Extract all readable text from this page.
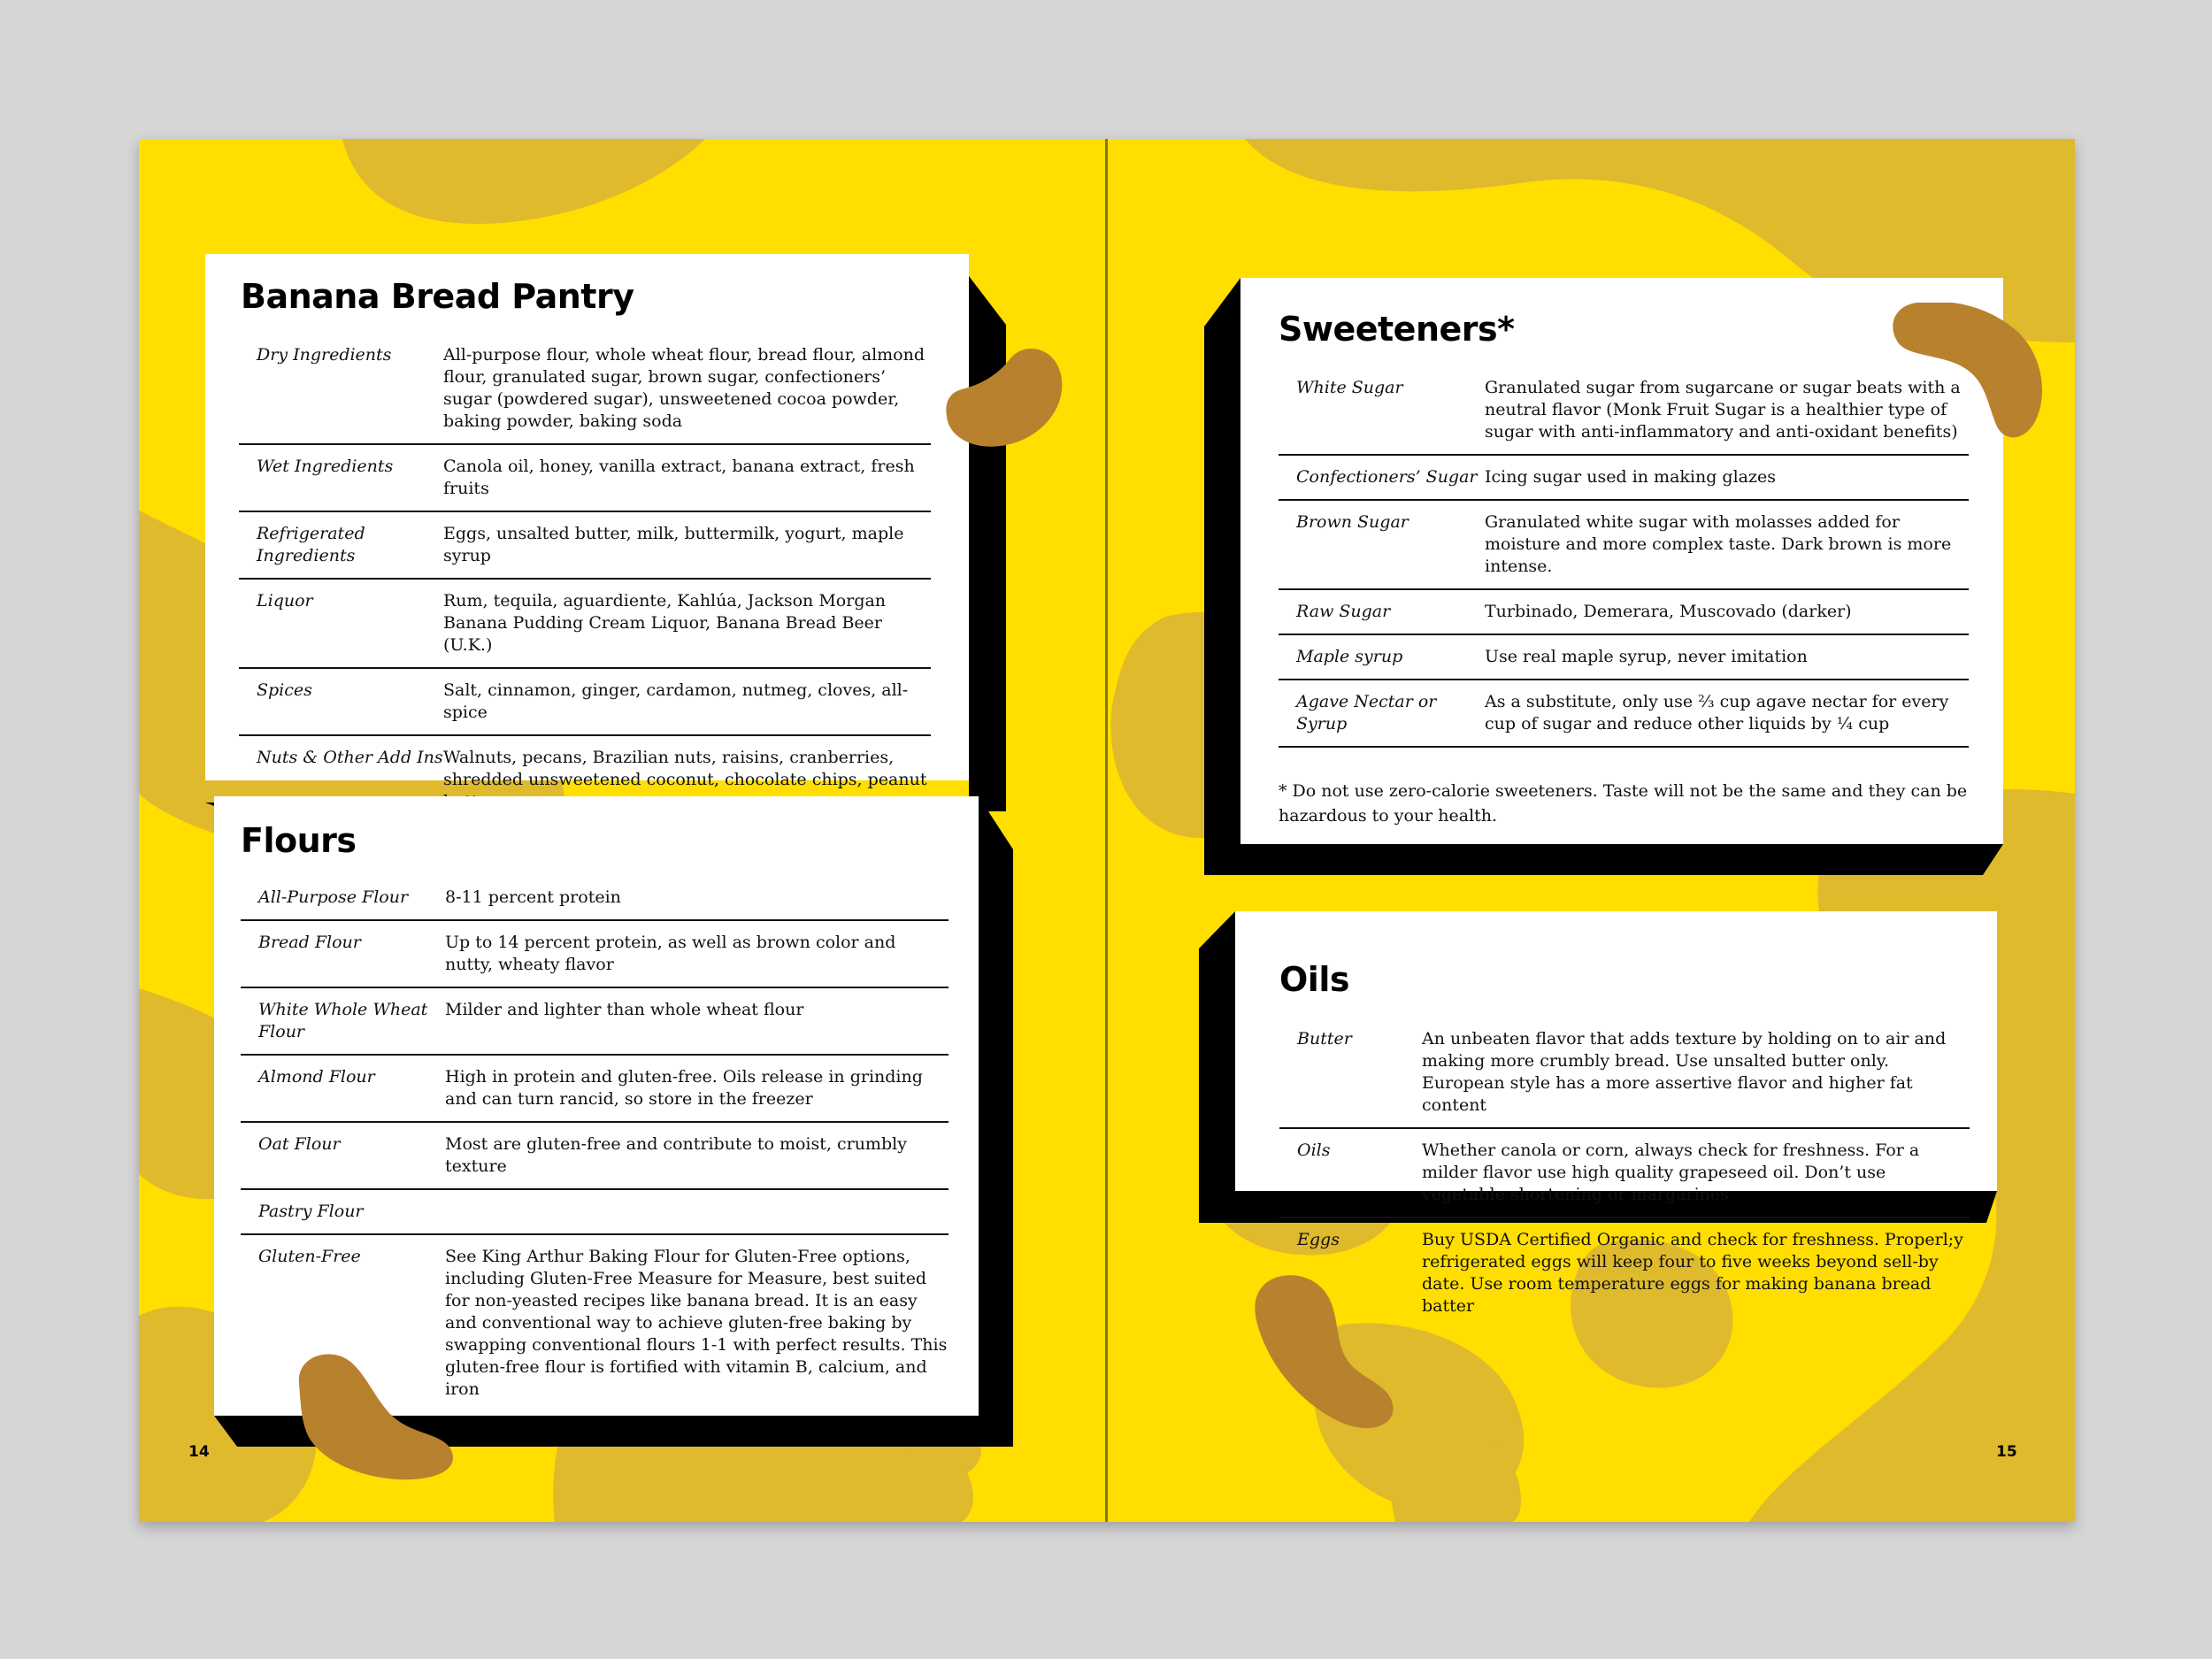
Banana Bread Pantry
Dry Ingredients	All-purpose flour, whole wheat flour, bread flour, almond flour, granulated sugar, brown sugar, confectioners’ sugar (powdered sugar), unsweetened cocoa powder, baking powder, baking soda
Wet Ingredients	Canola oil, honey, vanilla extract, banana extract, fresh fruits
Refrigerated Ingredients	Eggs, unsalted butter, milk, buttermilk, yogurt, maple syrup
Liquor	Rum, tequila, aguardiente, Kahlúa, Jackson Morgan Banana Pudding Cream Liquor, Banana Bread Beer (U.K.)
Spices	Salt, cinnamon, ginger, cardamon, nutmeg, cloves, all-spice
Nuts & Other Add Ins	Walnuts, pecans, Brazilian nuts, raisins, cranberries, shredded unsweetened coconut, chocolate chips, peanut
Flours
All-Purpose Flour	8-11 percent protein
Bread Flour	Up to 14 percent protein, as well as brown color and nutty, wheaty flavor
White Whole Wheat Flour	Milder and lighter than whole wheat flour
Almond Flour	High in protein and gluten-free. Oils release in grinding and can turn rancid, so store in the freezer
Oat Flour	Most are gluten-free and contribute to moist, crumbly texture
Pastry Flour	
Gluten-Free	See King Arthur Baking Flour for Gluten-Free options, including Gluten-Free Measure for Measure, best suited for non-yeasted recipes like banana bread. It is an easy and conventional way to achieve gluten-free baking by swapping conventional flours 1-1 with perfect results. This gluten-free flour is fortified with vitamin B, calcium, and iron
Sweeteners*
White Sugar	Granulated sugar from sugarcane or sugar beats with a neutral flavor (Monk Fruit Sugar is a healthier type of sugar with anti-inflammatory and anti-oxidant benefits)
Confectioners’ Sugar	Icing sugar used in making glazes
Brown Sugar	Granulated white sugar with molasses added for moisture and more complex taste. Dark brown is more intense.
Raw Sugar	Turbinado, Demerara, Muscovado (darker)
Maple syrup	Use real maple syrup, never imitation
Agave Nectar or Syrup	As a substitute, only use ⅔ cup agave nectar for every cup of sugar and reduce other liquids by ¼ cup
* Do not use zero-calorie sweeteners. Taste will not be the same and they can be hazardous to your health.
Oils
Butter	An unbeaten flavor that adds texture by holding on to air and making more crumbly bread. Use unsalted butter only. European style has a more assertive flavor and higher fat content
Oils	Whether canola or corn, always check for freshness. For a milder flavor use high quality grapeseed oil. Don’t use vegetable shortening or margarines
Eggs	Buy USDA Certified Organic and check for freshness. Properl;y refrigerated eggs will keep four to five weeks beyond sell-by date. Use room temperature eggs for making banana bread batter
14	15
